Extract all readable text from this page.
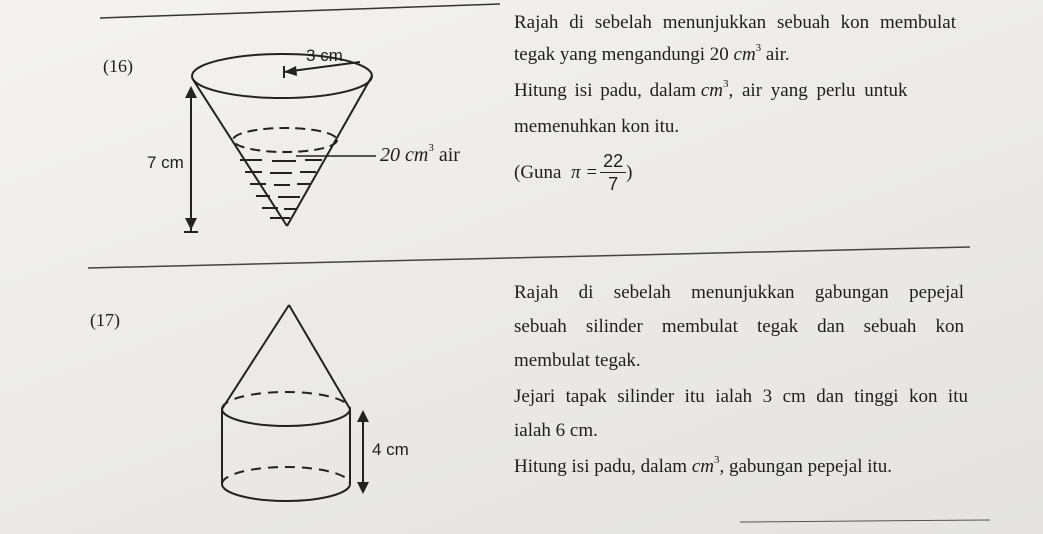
(16)
3 cm
7 cm	20 $cm^3$ air
Rajah di sebelah menunjukkan sebuah kon membulat
tegak yang mengandungi 20 $cm^3$ air.
Hitung isi padu, dalam
$cm^3$ , air yang perlu untuk
memenuhkan kon itu.
(Guna
$\pi = \frac{22}{7}$ )
(17)
4 cm
Rajah di sebelah menunjukkan gabungan pepejal
sebuah silinder membulat tegak dan sebuah kon
membulat tegak.
Jejari tapak silinder itu ialah 3 cm dan tinggi kon itu
ialah 6 cm.
Hitung isi padu, dalam $cm^3$, gabungan pepejal itu.
